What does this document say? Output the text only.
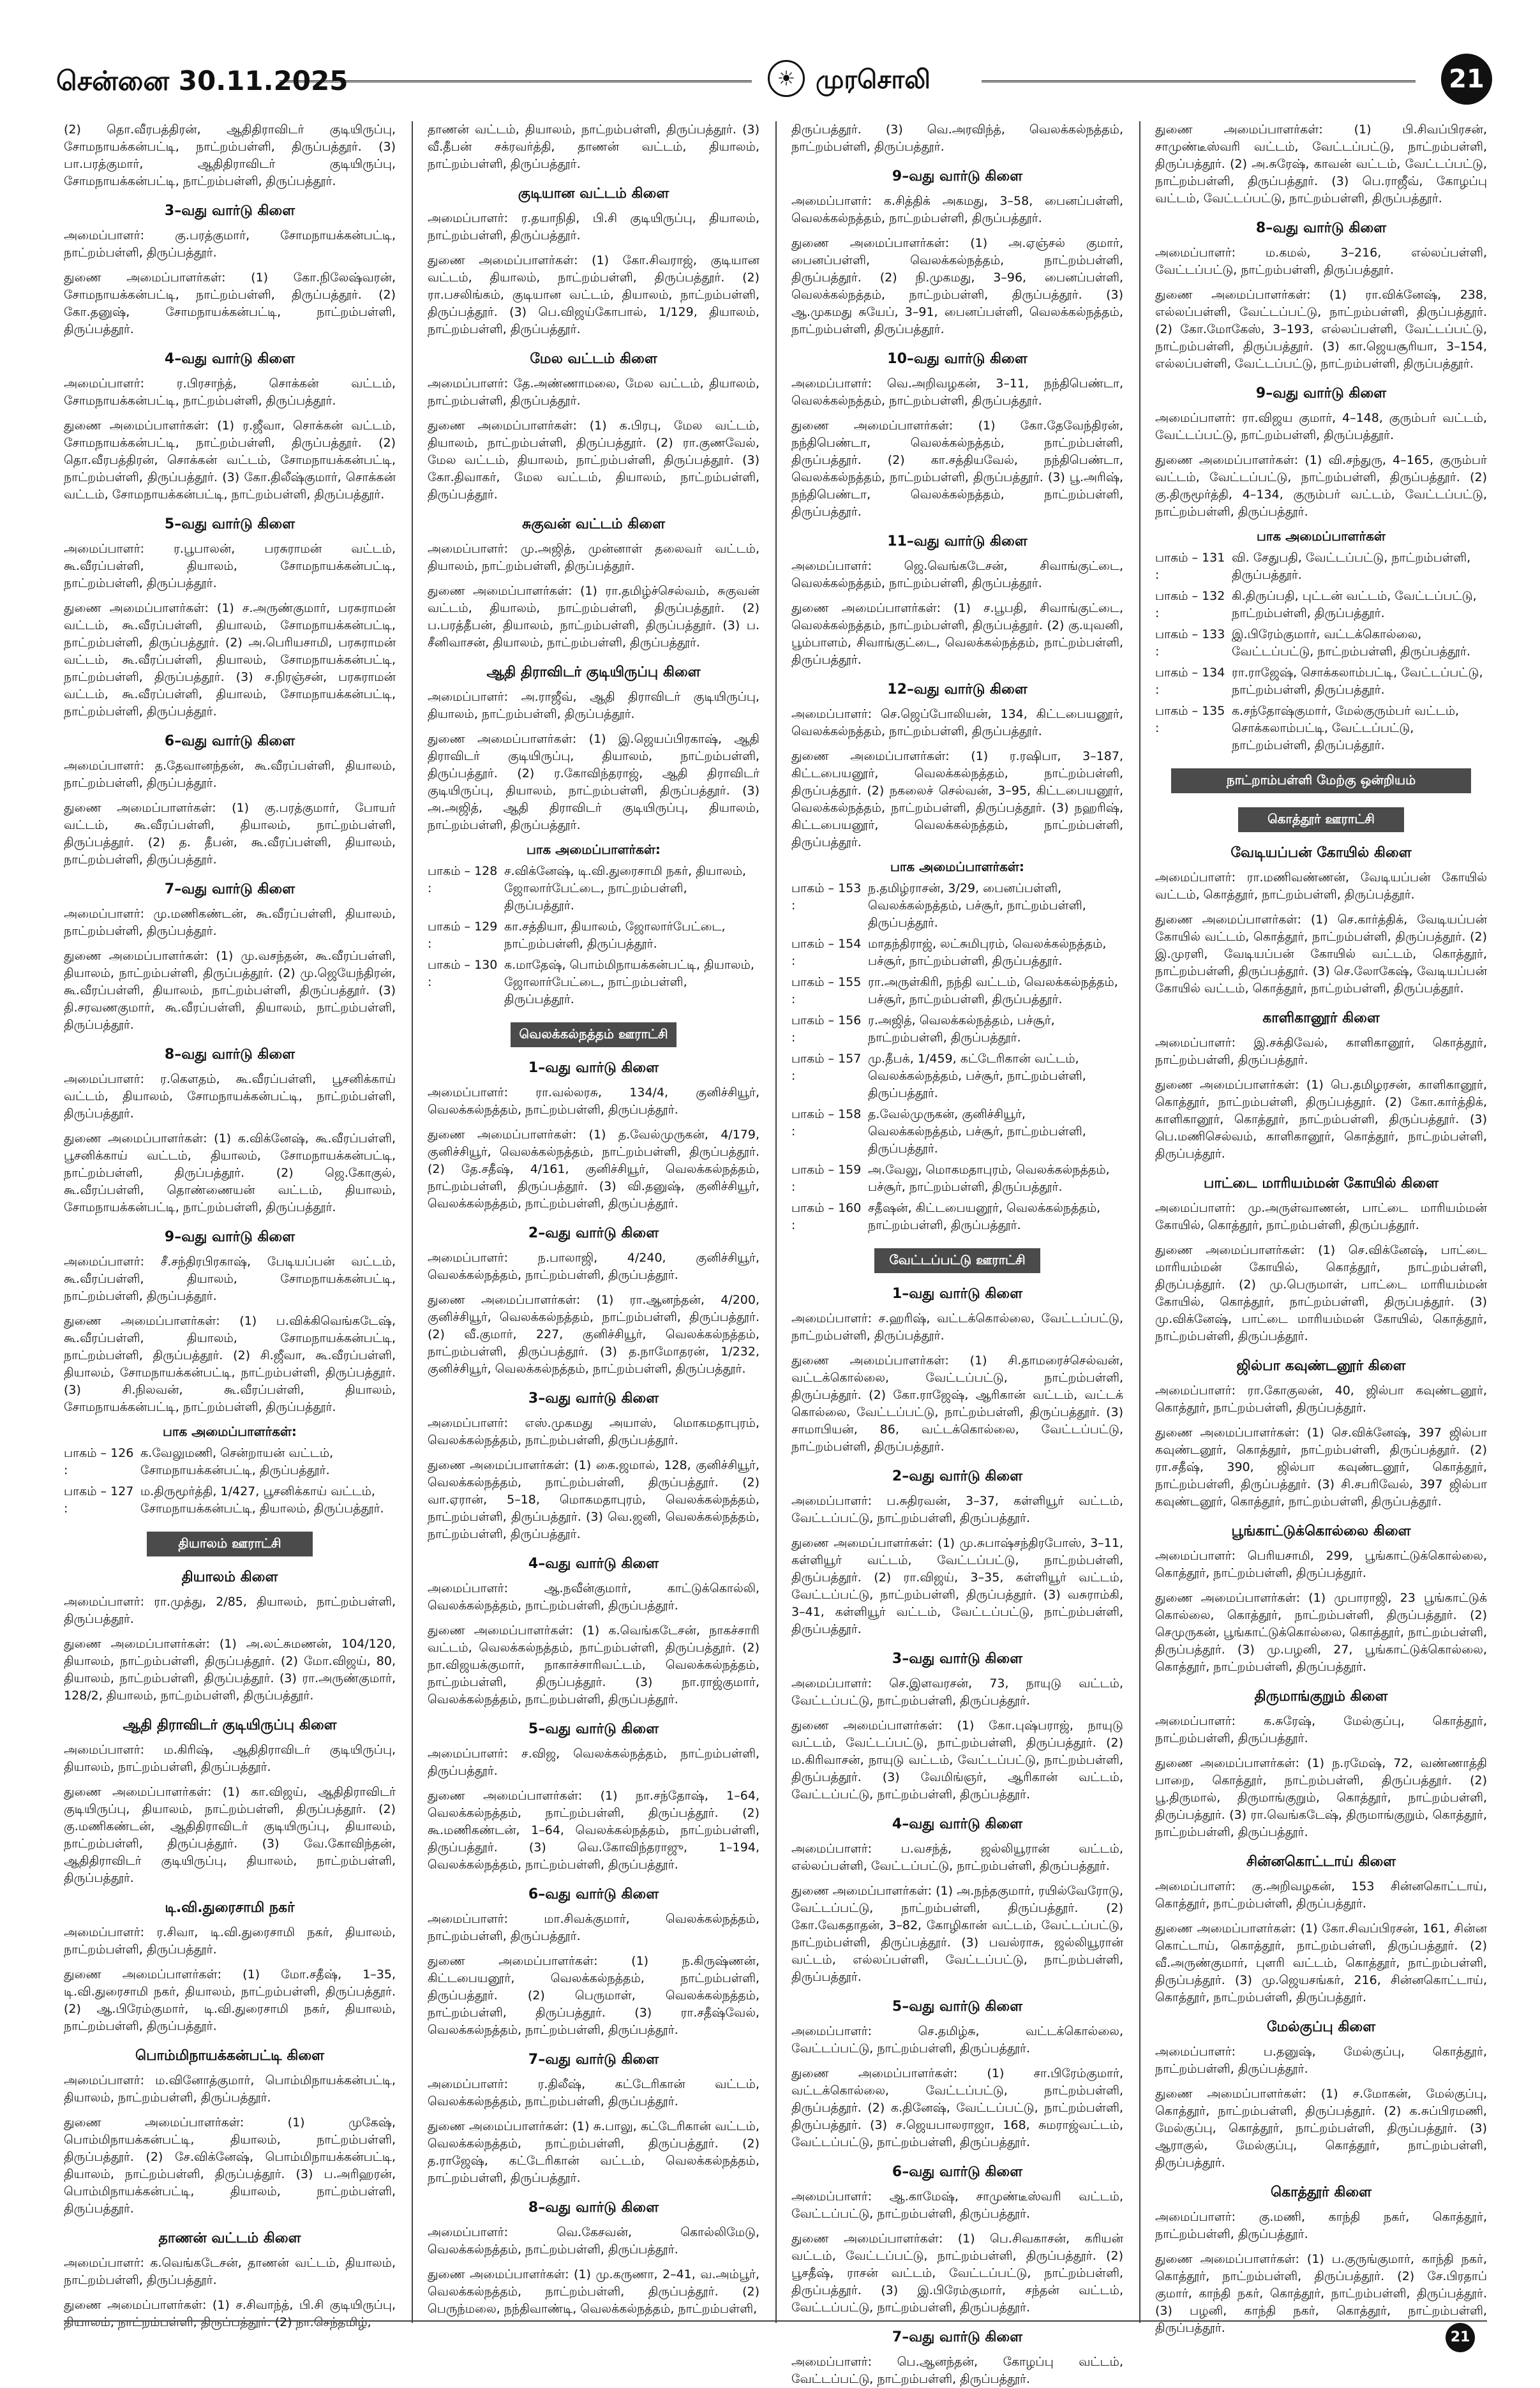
சென்னை 30.11.2025	☀ முரசொலி	21

(2) தொ.வீரபத்திரன், ஆதிதிராவிடர் குடியிருப்பு, சோமநாயக்கன்பட்டி, நாட்றம்பள்ளி, திருப்பத்தூர். (3) பா.பரத்குமார், ஆதிதிராவிடர் குடியிருப்பு, சோமநாயக்கன்பட்டி, நாட்றம்பள்ளி, திருப்பத்தூர்.

3–வது வார்டு கிளை

அமைப்பாளர்: கு.பரத்குமார், சோமநாயக்கன்பட்டி, நாட்றம்பள்ளி, திருப்பத்தூர்.

துணை அமைப்பாளர்கள்: (1) கோ.நிலேஷ்வரன், சோமநாயக்கன்பட்டி, நாட்றம்பள்ளி, திருப்பத்தூர். (2) கோ.தனுஷ், சோமநாயக்கன்பட்டி, நாட்றம்பள்ளி, திருப்பத்தூர்.

4–வது வார்டு கிளை

அமைப்பாளர்: ர.பிரசாந்த், சொக்கன் வட்டம், சோமநாயக்கன்பட்டி, நாட்றம்பள்ளி, திருப்பத்தூர்.

துணை அமைப்பாளர்கள்: (1) ர.ஜீவா, சொக்கன் வட்டம், சோமநாயக்கன்பட்டி, நாட்றம்பள்ளி, திருப்பத்தூர். (2) தொ.வீரபத்திரன், சொக்கன் வட்டம், சோமநாயக்கன்பட்டி, நாட்றம்பள்ளி, திருப்பத்தூர். (3) கோ.திலீஷ்குமார், சொக்கன் வட்டம், சோமநாயக்கன்பட்டி, நாட்றம்பள்ளி, திருப்பத்தூர்.

5–வது வார்டு கிளை

அமைப்பாளர்: ர.பூபாலன், பரசுராமன் வட்டம், கூ.வீரப்பள்ளி, தியாலம், சோமநாயக்கன்பட்டி, நாட்றம்பள்ளி, திருப்பத்தூர்.

துணை அமைப்பாளர்கள்: (1) ச.அருண்குமார், பரசுராமன் வட்டம், கூ.வீரப்பள்ளி, தியாலம், சோமநாயக்கன்பட்டி, நாட்றம்பள்ளி, திருப்பத்தூர். (2) அ.பெரியசாமி, பரசுராமன் வட்டம், கூ.வீரப்பள்ளி, தியாலம், சோமநாயக்கன்பட்டி, நாட்றம்பள்ளி, திருப்பத்தூர். (3) ச.நிரஞ்சன், பரசுராமன் வட்டம், கூ.வீரப்பள்ளி, தியாலம், சோமநாயக்கன்பட்டி, நாட்றம்பள்ளி, திருப்பத்தூர்.

6–வது வார்டு கிளை

அமைப்பாளர்: த.தேவானந்தன், கூ.வீரப்பள்ளி, தியாலம், நாட்றம்பள்ளி, திருப்பத்தூர்.

துணை அமைப்பாளர்கள்: (1) கு.பரத்குமார், போயர் வட்டம், கூ.வீரப்பள்ளி, தியாலம், நாட்றம்பள்ளி, திருப்பத்தூர். (2) த. தீபன், கூ.வீரப்பள்ளி, தியாலம், நாட்றம்பள்ளி, திருப்பத்தூர்.

7–வது வார்டு கிளை

அமைப்பாளர்: மு.மணிகண்டன், கூ.வீரப்பள்ளி, தியாலம், நாட்றம்பள்ளி, திருப்பத்தூர்.

துணை அமைப்பாளர்கள்: (1) மு.வசந்தன், கூ.வீரப்பள்ளி, தியாலம், நாட்றம்பள்ளி, திருப்பத்தூர். (2) மு.ஜெயேந்திரன், கூ.வீரப்பள்ளி, தியாலம், நாட்றம்பள்ளி, திருப்பத்தூர். (3) தி.சரவணகுமார், கூ.வீரப்பள்ளி, தியாலம், நாட்றம்பள்ளி, திருப்பத்தூர்.

8–வது வார்டு கிளை

அமைப்பாளர்: ர.கௌதம், கூ.வீரப்பள்ளி, பூசனிக்காய் வட்டம், தியாலம், சோமநாயக்கன்பட்டி, நாட்றம்பள்ளி, திருப்பத்தூர்.

துணை அமைப்பாளர்கள்: (1) க.விக்னேஷ், கூ.வீரப்பள்ளி, பூசனிக்காய் வட்டம், தியாலம், சோமநாயக்கன்பட்டி, நாட்றம்பள்ளி, திருப்பத்தூர். (2) ஜெ.கோகுல், கூ.வீரப்பள்ளி, தொண்ணையன் வட்டம், தியாலம், சோமநாயக்கன்பட்டி, நாட்றம்பள்ளி, திருப்பத்தூர்.

9–வது வார்டு கிளை

அமைப்பாளர்: சீ.சந்திரபிரகாஷ், பேடியப்பன் வட்டம், கூ.வீரப்பள்ளி, தியாலம், சோமநாயக்கன்பட்டி, நாட்றம்பள்ளி, திருப்பத்தூர்.

துணை அமைப்பாளர்கள்: (1) ப.விக்கிவெங்கடேஷ், கூ.வீரப்பள்ளி, தியாலம், சோமநாயக்கன்பட்டி, நாட்றம்பள்ளி, திருப்பத்தூர். (2) சி.ஜீவா, கூ.வீரப்பள்ளி, தியாலம், சோமநாயக்கன்பட்டி, நாட்றம்பள்ளி, திருப்பத்தூர். (3) சி.நிலவன், கூ.வீரப்பள்ளி, தியாலம், சோமநாயக்கன்பட்டி, நாட்றம்பள்ளி, திருப்பத்தூர்.

பாக அமைப்பாளர்கள்:
பாகம் – 126 :
க.வேலுமணி, சென்றாயன் வட்டம், சோமநாயக்கன்பட்டி, திருப்பத்தூர்.
பாகம் – 127 :
ம.திருமூர்த்தி, 1/427, பூசனிக்காய் வட்டம், சோமநாயக்கன்பட்டி, தியாலம், திருப்பத்தூர்.
தியாலம் ஊராட்சி
தியாலம் கிளை

அமைப்பாளர்: ரா.முத்து, 2/85, தியாலம், நாட்றம்பள்ளி, திருப்பத்தூர்.

துணை அமைப்பாளர்கள்: (1) அ.லட்சுமணன், 104/120, தியாலம், நாட்றம்பள்ளி, திருப்பத்தூர். (2) மோ.விஜய், 80, தியாலம், நாட்றம்பள்ளி, திருப்பத்தூர். (3) ரா.அருண்குமார், 128/2, தியாலம், நாட்றம்பள்ளி, திருப்பத்தூர்.

ஆதி திராவிடர் குடியிருப்பு கிளை

அமைப்பாளர்: ம.கிரிஷ், ஆதிதிராவிடர் குடியிருப்பு, தியாலம், நாட்றம்பள்ளி, திருப்பத்தூர்.

துணை அமைப்பாளர்கள்: (1) கா.விஜய், ஆதிதிராவிடர் குடியிருப்பு, தியாலம், நாட்றம்பள்ளி, திருப்பத்தூர். (2) கு.மணிகண்டன், ஆதிதிராவிடர் குடியிருப்பு, தியாலம், நாட்றம்பள்ளி, திருப்பத்தூர். (3) வே.கோவிந்தன், ஆதிதிராவிடர் குடியிருப்பு, தியாலம், நாட்றம்பள்ளி, திருப்பத்தூர்.

டி.வி.துரைசாமி நகர்

அமைப்பாளர்: ர.சிவா, டி.வி.துரைசாமி நகர், தியாலம், நாட்றம்பள்ளி, திருப்பத்தூர்.

துணை அமைப்பாளர்கள்: (1) மோ.சதீஷ், 1–35, டி.வி.துரைசாமி நகர், தியாலம், நாட்றம்பள்ளி, திருப்பத்தூர். (2) ஆ.பிரேம்குமார், டி.வி.துரைசாமி நகர், தியாலம், நாட்றம்பள்ளி, திருப்பத்தூர்.

பொம்மிநாயக்கன்பட்டி கிளை

அமைப்பாளர்: ம.வினோத்குமார், பொம்மிநாயக்கன்பட்டி, தியாலம், நாட்றம்பள்ளி, திருப்பத்தூர்.

துணை அமைப்பாளர்கள்: (1) முகேஷ், பொம்மிநாயக்கன்பட்டி, தியாலம், நாட்றம்பள்ளி, திருப்பத்தூர். (2) சே.விக்னேஷ், பொம்மிநாயக்கன்பட்டி, தியாலம், நாட்றம்பள்ளி, திருப்பத்தூர். (3) ப.அரிஹரன், பொம்மிநாயக்கன்பட்டி, தியாலம், நாட்றம்பள்ளி, திருப்பத்தூர்.

தாணன் வட்டம் கிளை

அமைப்பாளர்: க.வெங்கடேசன், தாணன் வட்டம், தியாலம், நாட்றம்பள்ளி, திருப்பத்தூர்.

துணை அமைப்பாளர்கள்: (1) ச.சிவாந்த், பி.சி குடியிருப்பு, தியாலம், நாட்றம்பள்ளி, திருப்பத்தூர். (2) நா.செந்தமிழ்,

தாணன் வட்டம், தியாலம், நாட்றம்பள்ளி, திருப்பத்தூர். (3) வீ.தீபன் சக்ரவர்த்தி, தாணன் வட்டம், தியாலம், நாட்றம்பள்ளி, திருப்பத்தூர்.

குடியான வட்டம் கிளை

அமைப்பாளர்: ர.தயாநிதி, பி.சி குடியிருப்பு, தியாலம், நாட்றம்பள்ளி, திருப்பத்தூர்.

துணை அமைப்பாளர்கள்: (1) கோ.சிவராஜ், குடியான வட்டம், தியாலம், நாட்றம்பள்ளி, திருப்பத்தூர். (2) ரா.பசலிங்கம், குடியான வட்டம், தியாலம், நாட்றம்பள்ளி, திருப்பத்தூர். (3) பெ.விஜய்கோபால், 1/129, தியாலம், நாட்றம்பள்ளி, திருப்பத்தூர்.

மேல வட்டம் கிளை

அமைப்பாளர்: தே.அண்ணாமலை, மேல வட்டம், தியாலம், நாட்றம்பள்ளி, திருப்பத்தூர்.

துணை அமைப்பாளர்கள்: (1) க.பிரபு, மேல வட்டம், தியாலம், நாட்றம்பள்ளி, திருப்பத்தூர். (2) ரா.குணவேல், மேல வட்டம், தியாலம், நாட்றம்பள்ளி, திருப்பத்தூர். (3) கோ.திவாகர், மேல வட்டம், தியாலம், நாட்றம்பள்ளி, திருப்பத்தூர்.

சுகுவன் வட்டம் கிளை

அமைப்பாளர்: மு.அஜித், முன்னாள் தலைவர் வட்டம், தியாலம், நாட்றம்பள்ளி, திருப்பத்தூர்.

துணை அமைப்பாளர்கள்: (1) ரா.தமிழ்ச்செல்வம், சுகுவன் வட்டம், தியாலம், நாட்றம்பள்ளி, திருப்பத்தூர். (2) ப.பரத்தீபன், தியாலம், நாட்றம்பள்ளி, திருப்பத்தூர். (3) ப. சீனிவாசன், தியாலம், நாட்றம்பள்ளி, திருப்பத்தூர்.

ஆதி திராவிடர் குடியிருப்பு கிளை

அமைப்பாளர்: அ.ராஜீவ், ஆதி திராவிடர் குடியிருப்பு, தியாலம், நாட்றம்பள்ளி, திருப்பத்தூர்.

துணை அமைப்பாளர்கள்: (1) இ.ஜெயப்பிரகாஷ், ஆதி திராவிடர் குடியிருப்பு, தியாலம், நாட்றம்பள்ளி, திருப்பத்தூர். (2) ர.கோவிந்தராஜ், ஆதி திராவிடர் குடியிருப்பு, தியாலம், நாட்றம்பள்ளி, திருப்பத்தூர். (3) அ.அஜித், ஆதி திராவிடர் குடியிருப்பு, தியாலம், நாட்றம்பள்ளி, திருப்பத்தூர்.

பாக அமைப்பாளர்கள்:
பாகம் – 128 :
ச.விக்னேஷ், டி.வி.துரைசாமி நகர், தியாலம், ஜோலார்பேட்டை, நாட்றம்பள்ளி, திருப்பத்தூர்.
பாகம் – 129 :
கா.சத்தியா, தியாலம், ஜோலார்பேட்டை, நாட்றம்பள்ளி, திருப்பத்தூர்.
பாகம் – 130 :
க.மாதேஷ், பொம்மிநாயக்கன்பட்டி, தியாலம், ஜோலார்பேட்டை, நாட்றம்பள்ளி, திருப்பத்தூர்.
வெலக்கல்நத்தம் ஊராட்சி
1–வது வார்டு கிளை

அமைப்பாளர்: ரா.வல்லரசு, 134/4, குனிச்சியூர், வெலக்கல்நத்தம், நாட்றம்பள்ளி, திருப்பத்தூர்.

துணை அமைப்பாளர்கள்: (1) த.வேல்முருகன், 4/179, குனிச்சியூர், வெலக்கல்நத்தம், நாட்றம்பள்ளி, திருப்பத்தூர். (2) தே.சதீஷ், 4/161, குனிச்சியூர், வெலக்கல்நத்தம், நாட்றம்பள்ளி, திருப்பத்தூர். (3) வி.தனுஷ், குனிச்சியூர், வெலக்கல்நத்தம், நாட்றம்பள்ளி, திருப்பத்தூர்.

2–வது வார்டு கிளை

அமைப்பாளர்: ந.பாலாஜி, 4/240, குனிச்சியூர், வெலக்கல்நத்தம், நாட்றம்பள்ளி, திருப்பத்தூர்.

துணை அமைப்பாளர்கள்: (1) ரா.ஆனந்தன், 4/200, குனிச்சியூர், வெலக்கல்நத்தம், நாட்றம்பள்ளி, திருப்பத்தூர். (2) வீ.குமார், 227, குனிச்சியூர், வெலக்கல்நத்தம், நாட்றம்பள்ளி, திருப்பத்தூர். (3) த.நாமோதரன், 1/232, குனிச்சியூர், வெலக்கல்நத்தம், நாட்றம்பள்ளி, திருப்பத்தூர்.

3–வது வார்டு கிளை

அமைப்பாளர்: எஸ்.முகமது அயாஸ், மொகமதாபுரம், வெலக்கல்நத்தம், நாட்றம்பள்ளி, திருப்பத்தூர்.

துணை அமைப்பாளர்கள்: (1) கை.ஜமால், 128, குனிச்சியூர், வெலக்கல்நத்தம், நாட்றம்பள்ளி, திருப்பத்தூர். (2) வா.ஏரான், 5–18, மொகமதாபுரம், வெலக்கல்நத்தம், நாட்றம்பள்ளி, திருப்பத்தூர். (3) வெ.ஜனி, வெலக்கல்நத்தம், நாட்றம்பள்ளி, திருப்பத்தூர்.

4–வது வார்டு கிளை

அமைப்பாளர்: ஆ.நவீன்குமார், காட்டுக்கொல்லி, வெலக்கல்நத்தம், நாட்றம்பள்ளி, திருப்பத்தூர்.

துணை அமைப்பாளர்கள்: (1) க.வெங்கடேசன், நாகச்சாரி வட்டம், வெலக்கல்நத்தம், நாட்றம்பள்ளி, திருப்பத்தூர். (2) நா.விஜயக்குமார், நாகாச்சாரிவட்டம், வெலக்கல்நத்தம், நாட்றம்பள்ளி, திருப்பத்தூர். (3) நா.ராஜ்குமார், வெலக்கல்நத்தம், நாட்றம்பள்ளி, திருப்பத்தூர்.

5–வது வார்டு கிளை

அமைப்பாளர்: ச.விஜ, வெலக்கல்நத்தம், நாட்றம்பள்ளி, திருப்பத்தூர்.

துணை அமைப்பாளர்கள்: (1) நா.சந்தோஷ், 1–64, வெலக்கல்நத்தம், நாட்றம்பள்ளி, திருப்பத்தூர். (2) கூ.மணிகண்டன், 1–64, வெலக்கல்நத்தம், நாட்றம்பள்ளி, திருப்பத்தூர். (3) வெ.கோவிந்தராஜு, 1–194, வெலக்கல்நத்தம், நாட்றம்பள்ளி, திருப்பத்தூர்.

6–வது வார்டு கிளை

அமைப்பாளர்: மா.சிவக்குமார், வெலக்கல்நத்தம், நாட்றம்பள்ளி, திருப்பத்தூர்.

துணை அமைப்பாளர்கள்: (1) ந.கிருஷ்ணன், கிட்டபையனூர், வெலக்கல்நத்தம், நாட்றம்பள்ளி, திருப்பத்தூர். (2) பெருமாள், வெலக்கல்நத்தம், நாட்றம்பள்ளி, திருப்பத்தூர். (3) ரா.சதீஷ்வேல், வெலக்கல்நத்தம், நாட்றம்பள்ளி, திருப்பத்தூர்.

7–வது வார்டு கிளை

அமைப்பாளர்: ர.திலீஷ், கட்டேரிகான் வட்டம், வெலக்கல்நத்தம், நாட்றம்பள்ளி, திருப்பத்தூர்.

துணை அமைப்பாளர்கள்: (1) சு.பாலு, கட்டேரிகான் வட்டம், வெலக்கல்நத்தம், நாட்றம்பள்ளி, திருப்பத்தூர். (2) த.ராஜேஷ், கட்டேரிகான் வட்டம், வெலக்கல்நத்தம், நாட்றம்பள்ளி, திருப்பத்தூர்.

8–வது வார்டு கிளை

அமைப்பாளர்: வெ.கேசவன், கொல்லிமேடு, வெலக்கல்நத்தம், நாட்றம்பள்ளி, திருப்பத்தூர்.

துணை அமைப்பாளர்கள்: (1) மு.கருணா, 2–41, வ.அம்பூர், வெலக்கல்நத்தம், நாட்றம்பள்ளி, திருப்பத்தூர். (2) பெருந்மலை, நந்திவாண்டி, வெலக்கல்நத்தம், நாட்றம்பள்ளி,

திருப்பத்தூர். (3) வெ.அரவிந்த், வெலக்கல்நத்தம், நாட்றம்பள்ளி, திருப்பத்தூர்.

9–வது வார்டு கிளை

அமைப்பாளர்: க.சித்திக் அகமது, 3–58, பைனப்பள்ளி, வெலக்கல்நத்தம், நாட்றம்பள்ளி, திருப்பத்தூர்.

துணை அமைப்பாளர்கள்: (1) அ.ஏஞ்சல் குமார், பைனப்பள்ளி, வெலக்கல்நத்தம், நாட்றம்பள்ளி, திருப்பத்தூர். (2) நி.முகமது, 3–96, பைனப்பள்ளி, வெலக்கல்நத்தம், நாட்றம்பள்ளி, திருப்பத்தூர். (3) ஆ.முகமது சுயேப், 3–91, பைனப்பள்ளி, வெலக்கல்நத்தம், நாட்றம்பள்ளி, திருப்பத்தூர்.

10–வது வார்டு கிளை

அமைப்பாளர்: வெ.அறிவழகன், 3–11, நந்திபெண்டா, வெலக்கல்நத்தம், நாட்றம்பள்ளி, திருப்பத்தூர்.

துணை அமைப்பாளர்கள்: (1) கோ.தேவேந்திரன், நந்திபெண்டா, வெலக்கல்நத்தம், நாட்றம்பள்ளி, திருப்பத்தூர். (2) கா.சத்தியவேல், நந்திபெண்டா, வெலக்கல்நத்தம், நாட்றம்பள்ளி, திருப்பத்தூர். (3) பூ.அரிஷ், நந்திபெண்டா, வெலக்கல்நத்தம், நாட்றம்பள்ளி, திருப்பத்தூர்.

11–வது வார்டு கிளை

அமைப்பாளர்: ஜெ.வெங்கடேசன், சிவாங்குட்டை, வெலக்கல்நத்தம், நாட்றம்பள்ளி, திருப்பத்தூர்.

துணை அமைப்பாளர்கள்: (1) ச.பூபதி, சிவாங்குட்டை, வெலக்கல்நத்தம், நாட்றம்பள்ளி, திருப்பத்தூர். (2) கு.யுவனி, பூம்பாளம், சிவாங்குட்டை, வெலக்கல்நத்தம், நாட்றம்பள்ளி, திருப்பத்தூர்.

12–வது வார்டு கிளை

அமைப்பாளர்: செ.ஜெப்போலியன், 134, கிட்டபையனூர், வெலக்கல்நத்தம், நாட்றம்பள்ளி, திருப்பத்தூர்.

துணை அமைப்பாளர்கள்: (1) ர.ரஷிபா, 3–187, கிட்டபையனூர், வெலக்கல்நத்தம், நாட்றம்பள்ளி, திருப்பத்தூர். (2) நகலைச் செல்வன், 3–95, கிட்டபையனூர், வெலக்கல்நத்தம், நாட்றம்பள்ளி, திருப்பத்தூர். (3) நஹரிஷ், கிட்டபையனூர், வெலக்கல்நத்தம், நாட்றம்பள்ளி, திருப்பத்தூர்.

பாக அமைப்பாளர்கள்:
பாகம் – 153 :
ந.தமிழ்ராசன், 3/29, பைனப்பள்ளி, வெலக்கல்நத்தம், பச்சூர், நாட்றம்பள்ளி, திருப்பத்தூர்.
பாகம் – 154 :
மாதந்திராஜ், லட்சுமிபுரம், வெலக்கல்நத்தம், பச்சூர், நாட்றம்பள்ளி, திருப்பத்தூர்.
பாகம் – 155 :
ரா.அருள்கிரி, நந்தி வட்டம், வெலக்கல்நத்தம், பச்சூர், நாட்றம்பள்ளி, திருப்பத்தூர்.
பாகம் – 156 :
ர.அஜித், வெலக்கல்நத்தம், பச்சூர், நாட்றம்பள்ளி, திருப்பத்தூர்.
பாகம் – 157 :
மு.தீபக், 1/459, கட்டேரிகான் வட்டம், வெலக்கல்நத்தம், பச்சூர், நாட்றம்பள்ளி, திருப்பத்தூர்.
பாகம் – 158 :
த.வேல்முருகன், குனிச்சியூர், வெலக்கல்நத்தம், பச்சூர், நாட்றம்பள்ளி, திருப்பத்தூர்.
பாகம் – 159 :
அ.வேலு, மொகமதாபுரம், வெலக்கல்நத்தம், பச்சூர், நாட்றம்பள்ளி, திருப்பத்தூர்.
பாகம் – 160 :
சதீஷன், கிட்டபையனூர், வெலக்கல்நத்தம், நாட்றம்பள்ளி, திருப்பத்தூர்.
வேட்டப்பட்டு ஊராட்சி
1–வது வார்டு கிளை

அமைப்பாளர்: ச.ஹரிஷ், வட்டக்கொல்லை, வேட்டப்பட்டு, நாட்றம்பள்ளி, திருப்பத்தூர்.

துணை அமைப்பாளர்கள்: (1) சி.தாமரைச்செல்வன், வட்டக்கொல்லை, வேட்டப்பட்டு, நாட்றம்பள்ளி, திருப்பத்தூர். (2) கோ.ராஜேஷ், ஆரிகான் வட்டம், வட்டக் கொல்லை, வேட்டப்பட்டு, நாட்றம்பள்ளி, திருப்பத்தூர். (3) சாமாபியன், 86, வட்டக்கொல்லை, வேட்டப்பட்டு, நாட்றம்பள்ளி, திருப்பத்தூர்.

2–வது வார்டு கிளை

அமைப்பாளர்: ப.சுதிரவன், 3–37, கள்ளியூர் வட்டம், வேட்டப்பட்டு, நாட்றம்பள்ளி, திருப்பத்தூர்.

துணை அமைப்பாளர்கள்: (1) மு.சுபாஷ்சந்திரபோஸ், 3–11, கள்ளியூர் வட்டம், வேட்டப்பட்டு, நாட்றம்பள்ளி, திருப்பத்தூர். (2) ரா.விஜய், 3–35, கள்ளியூர் வட்டம், வேட்டப்பட்டு, நாட்றம்பள்ளி, திருப்பத்தூர். (3) வசுராம்கி, 3–41, கள்ளியூர் வட்டம், வேட்டப்பட்டு, நாட்றம்பள்ளி, திருப்பத்தூர்.

3–வது வார்டு கிளை

அமைப்பாளர்: செ.இளவரசன், 73, நாயுடு வட்டம், வேட்டப்பட்டு, நாட்றம்பள்ளி, திருப்பத்தூர்.

துணை அமைப்பாளர்கள்: (1) கோ.புஷ்பராஜ், நாயுடு வட்டம், வேட்டப்பட்டு, நாட்றம்பள்ளி, திருப்பத்தூர். (2) ம.கிரிவாசன், நாயுடு வட்டம், வேட்டப்பட்டு, நாட்றம்பள்ளி, திருப்பத்தூர். (3) வேமிங்ஞர், ஆரிகான் வட்டம், வேட்டப்பட்டு, நாட்றம்பள்ளி, திருப்பத்தூர்.

4–வது வார்டு கிளை

அமைப்பாளர்: ப.வசந்த், ஜல்லியூரான் வட்டம், எல்லப்பள்ளி, வேட்டப்பட்டு, நாட்றம்பள்ளி, திருப்பத்தூர்.

துணை அமைப்பாளர்கள்: (1) அ.நந்தகுமார், ரயில்வேரோடு, வேட்டப்பட்டு, நாட்றம்பள்ளி, திருப்பத்தூர். (2) கோ.வேகதாதன், 3–82, கோழிகான் வட்டம், வேட்டப்பட்டு, நாட்றம்பள்ளி, திருப்பத்தூர். (3) பவல்ராசு, ஜல்லியூரான் வட்டம், எல்லப்பள்ளி, வேட்டப்பட்டு, நாட்றம்பள்ளி, திருப்பத்தூர்.

5–வது வார்டு கிளை

அமைப்பாளர்: செ.தமிழ்சு, வட்டக்கொல்லை, வேட்டப்பட்டு, நாட்றம்பள்ளி, திருப்பத்தூர்.

துணை அமைப்பாளர்கள்: (1) சா.பிரேம்குமார், வட்டக்கொல்லை, வேட்டப்பட்டு, நாட்றம்பள்ளி, திருப்பத்தூர். (2) க.தினேஷ், வேட்டப்பட்டு, நாட்றம்பள்ளி, திருப்பத்தூர். (3) ச.ஜெயபாலராஜா, 168, சுமராஜ்வட்டம், வேட்டப்பட்டு, நாட்றம்பள்ளி, திருப்பத்தூர்.

6–வது வார்டு கிளை

அமைப்பாளர்: ஆ.காமேஷ், சாமுண்டீஸ்வரி வட்டம், வேட்டப்பட்டு, நாட்றம்பள்ளி, திருப்பத்தூர்.

துணை அமைப்பாளர்கள்: (1) பெ.சிவகாசன், கரியன் வட்டம், வேட்டப்பட்டு, நாட்றம்பள்ளி, திருப்பத்தூர். (2) பூசதீஷ், ராசன் வட்டம், வேட்டப்பட்டு, நாட்றம்பள்ளி, திருப்பத்தூர். (3) இ.பிரேம்குமார், சந்தன் வட்டம், வேட்டப்பட்டு, நாட்றம்பள்ளி, திருப்பத்தூர்.

7–வது வார்டு கிளை

அமைப்பாளர்: பெ.ஆனந்தன், கோழப்பு வட்டம், வேட்டப்பட்டு, நாட்றம்பள்ளி, திருப்பத்தூர்.

துணை அமைப்பாளர்கள்: (1) பி.சிவப்பிரசன், சாமுண்டீஸ்வரி வட்டம், வேட்டப்பட்டு, நாட்றம்பள்ளி, திருப்பத்தூர். (2) அ.சுரேஷ், காவன் வட்டம், வேட்டப்பட்டு, நாட்றம்பள்ளி, திருப்பத்தூர். (3) பெ.ராஜீவ், கோழப்பு வட்டம், வேட்டப்பட்டு, நாட்றம்பள்ளி, திருப்பத்தூர்.

8–வது வார்டு கிளை

அமைப்பாளர்: ம.கமல், 3–216, எல்லப்பள்ளி, வேட்டப்பட்டு, நாட்றம்பள்ளி, திருப்பத்தூர்.

துணை அமைப்பாளர்கள்: (1) ரா.விக்னேஷ், 238, எல்லப்பள்ளி, வேட்டப்பட்டு, நாட்றம்பள்ளி, திருப்பத்தூர். (2) கோ.மோகேஸ், 3–193, எல்லப்பள்ளி, வேட்டப்பட்டு, நாட்றம்பள்ளி, திருப்பத்தூர். (3) கா.ஜெயசூரியா, 3–154, எல்லப்பள்ளி, வேட்டப்பட்டு, நாட்றம்பள்ளி, திருப்பத்தூர்.

9–வது வார்டு கிளை

அமைப்பாளர்: ரா.விஜய குமார், 4–148, குரும்பர் வட்டம், வேட்டப்பட்டு, நாட்றம்பள்ளி, திருப்பத்தூர்.

துணை அமைப்பாளர்கள்: (1) வி.சந்துரு, 4–165, குரும்பர் வட்டம், வேட்டப்பட்டு, நாட்றம்பள்ளி, திருப்பத்தூர். (2) கு.திருமூர்த்தி, 4–134, குரும்பர் வட்டம், வேட்டப்பட்டு, நாட்றம்பள்ளி, திருப்பத்தூர்.

பாக அமைப்பாளர்கள்
பாகம் – 131 :
வி. சேதுபதி, வேட்டப்பட்டு, நாட்றம்பள்ளி, திருப்பத்தூர்.
பாகம் – 132 :
கி.திருப்பதி, புட்டன் வட்டம், வேட்டப்பட்டு, நாட்றம்பள்ளி, திருப்பத்தூர்.
பாகம் – 133 :
இ.பிரேம்குமார், வட்டக்கொல்லை, வேட்டப்பட்டு, நாட்றம்பள்ளி, திருப்பத்தூர்.
பாகம் – 134 :
ரா.ராஜேஷ், சொக்கலாம்பட்டி, வேட்டப்பட்டு, நாட்றம்பள்ளி, திருப்பத்தூர்.
பாகம் – 135 :
க.சந்தோஷ்குமார், மேல்குரும்பர் வட்டம், சொக்கலாம்பட்டி, வேட்டப்பட்டு, நாட்றம்பள்ளி, திருப்பத்தூர்.
நாட்றாம்பள்ளி மேற்கு ஒன்றியம்
கொத்தூர் ஊராட்சி
வேடியப்பன் கோயில் கிளை

அமைப்பாளர்: ரா.மணிவண்ணன், வேடியப்பன் கோயில் வட்டம், கொத்தூர், நாட்றம்பள்ளி, திருப்பத்தூர்.

துணை அமைப்பாளர்கள்: (1) செ.கார்த்திக், வேடியப்பன் கோயில் வட்டம், கொத்தூர், நாட்றம்பள்ளி, திருப்பத்தூர். (2) இ.முரளி, வேடியப்பன் கோயில் வட்டம், கொத்தூர், நாட்றம்பள்ளி, திருப்பத்தூர். (3) செ.லோகேஷ், வேடியப்பன் கோயில் வட்டம், கொத்தூர், நாட்றம்பள்ளி, திருப்பத்தூர்.

காளிகானூர் கிளை

அமைப்பாளர்: இ.சக்திவேல், காளிகானூர், கொத்தூர், நாட்றம்பள்ளி, திருப்பத்தூர்.

துணை அமைப்பாளர்கள்: (1) பெ.தமிழரசன், காளிகானூர், கொத்தூர், நாட்றம்பள்ளி, திருப்பத்தூர். (2) கோ.கார்த்திக், காளிகானூர், கொத்தூர், நாட்றம்பள்ளி, திருப்பத்தூர். (3) பெ.மணிசெல்வம், காளிகானூர், கொத்தூர், நாட்றம்பள்ளி, திருப்பத்தூர்.

பாட்டை மாரியம்மன் கோயில் கிளை

அமைப்பாளர்: மு.அருள்வாணன், பாட்டை மாரியம்மன் கோயில், கொத்தூர், நாட்றம்பள்ளி, திருப்பத்தூர்.

துணை அமைப்பாளர்கள்: (1) செ.விக்னேஷ், பாட்டை மாரியம்மன் கோயில், கொத்தூர், நாட்றம்பள்ளி, திருப்பத்தூர். (2) மு.பெருமாள், பாட்டை மாரியம்மன் கோயில், கொத்தூர், நாட்றம்பள்ளி, திருப்பத்தூர். (3) மு.விக்னேஷ், பாட்டை மாரியம்மன் கோயில், கொத்தூர், நாட்றம்பள்ளி, திருப்பத்தூர்.

ஜில்பா கவுண்டனூர் கிளை

அமைப்பாளர்: ரா.கோகுலன், 40, ஜில்பா கவுண்டனூர், கொத்தூர், நாட்றம்பள்ளி, திருப்பத்தூர்.

துணை அமைப்பாளர்கள்: (1) செ.விக்னேஷ், 397 ஜில்பா கவுண்டனூர், கொத்தூர், நாட்றம்பள்ளி, திருப்பத்தூர். (2) ரா.சதீஷ், 390, ஜில்பா கவுண்டனூர், கொத்தூர், நாட்றம்பள்ளி, திருப்பத்தூர். (3) சி.சபரிவேல், 397 ஜில்பா கவுண்டனூர், கொத்தூர், நாட்றம்பள்ளி, திருப்பத்தூர்.

பூங்காட்டுக்கொல்லை கிளை

அமைப்பாளர்: பெரியசாமி, 299, பூங்காட்டுக்கொல்லை, கொத்தூர், நாட்றம்பள்ளி, திருப்பத்தூர்.

துணை அமைப்பாளர்கள்: (1) முபாராஜி, 23 பூங்காட்டுக் கொல்லை, கொத்தூர், நாட்றம்பள்ளி, திருப்பத்தூர். (2) செமுருகன், பூங்காட்டுக்கொல்லை, கொத்தூர், நாட்றம்பள்ளி, திருப்பத்தூர். (3) மு.பழனி, 27, பூங்காட்டுக்கொல்லை, கொத்தூர், நாட்றம்பள்ளி, திருப்பத்தூர்.

திருமாங்குறும் கிளை

அமைப்பாளர்: க.சுரேஷ், மேல்குப்பு, கொத்தூர், நாட்றம்பள்ளி, திருப்பத்தூர்.

துணை அமைப்பாளர்கள்: (1) ந.ரமேஷ், 72, வண்ணாத்தி பாறை, கொத்தூர், நாட்றம்பள்ளி, திருப்பத்தூர். (2) பூ.திருமால், திருமாங்குறும், கொத்தூர், நாட்றம்பள்ளி, திருப்பத்தூர். (3) ரா.வெங்கடேஷ், திருமாங்குறும், கொத்தூர், நாட்றம்பள்ளி, திருப்பத்தூர்.

சின்னகொட்டாய் கிளை

அமைப்பாளர்: கு.அறிவழகன், 153 சின்னகொட்டாய், கொத்தூர், நாட்றம்பள்ளி, திருப்பத்தூர்.

துணை அமைப்பாளர்கள்: (1) கோ.சிவப்பிரசன், 161, சின்ன கொட்டாய், கொத்தூர், நாட்றம்பள்ளி, திருப்பத்தூர். (2) வீ.அருண்குமார், புளரி வட்டம், கொத்தூர், நாட்றம்பள்ளி, திருப்பத்தூர். (3) மு.ஜெயசங்கர், 216, சின்னகொட்டாய், கொத்தூர், நாட்றம்பள்ளி, திருப்பத்தூர்.

மேல்குப்பு கிளை

அமைப்பாளர்: ப.தனுஷ், மேல்குப்பு, கொத்தூர், நாட்றம்பள்ளி, திருப்பத்தூர்.

துணை அமைப்பாளர்கள்: (1) ச.மோகன், மேல்குப்பு, கொத்தூர், நாட்றம்பள்ளி, திருப்பத்தூர். (2) க.சுப்பிரமணி, மேல்குப்பு, கொத்தூர், நாட்றம்பள்ளி, திருப்பத்தூர். (3) ஆராகுல், மேல்குப்பு, கொத்தூர், நாட்றம்பள்ளி, திருப்பத்தூர்.

கொத்தூர் கிளை

அமைப்பாளர்: கு.மணி, காந்தி நகர், கொத்தூர், நாட்றம்பள்ளி, திருப்பத்தூர்.

துணை அமைப்பாளர்கள்: (1) ப.குருங்குமார், காந்தி நகர், கொத்தூர், நாட்றம்பள்ளி, திருப்பத்தூர். (2) சே.பிரதாப் குமார், காந்தி நகர், கொத்தூர், நாட்றம்பள்ளி, திருப்பத்தூர். (3) பழனி, காந்தி நகர், கொத்தூர், நாட்றம்பள்ளி, திருப்பத்தூர்.

21
